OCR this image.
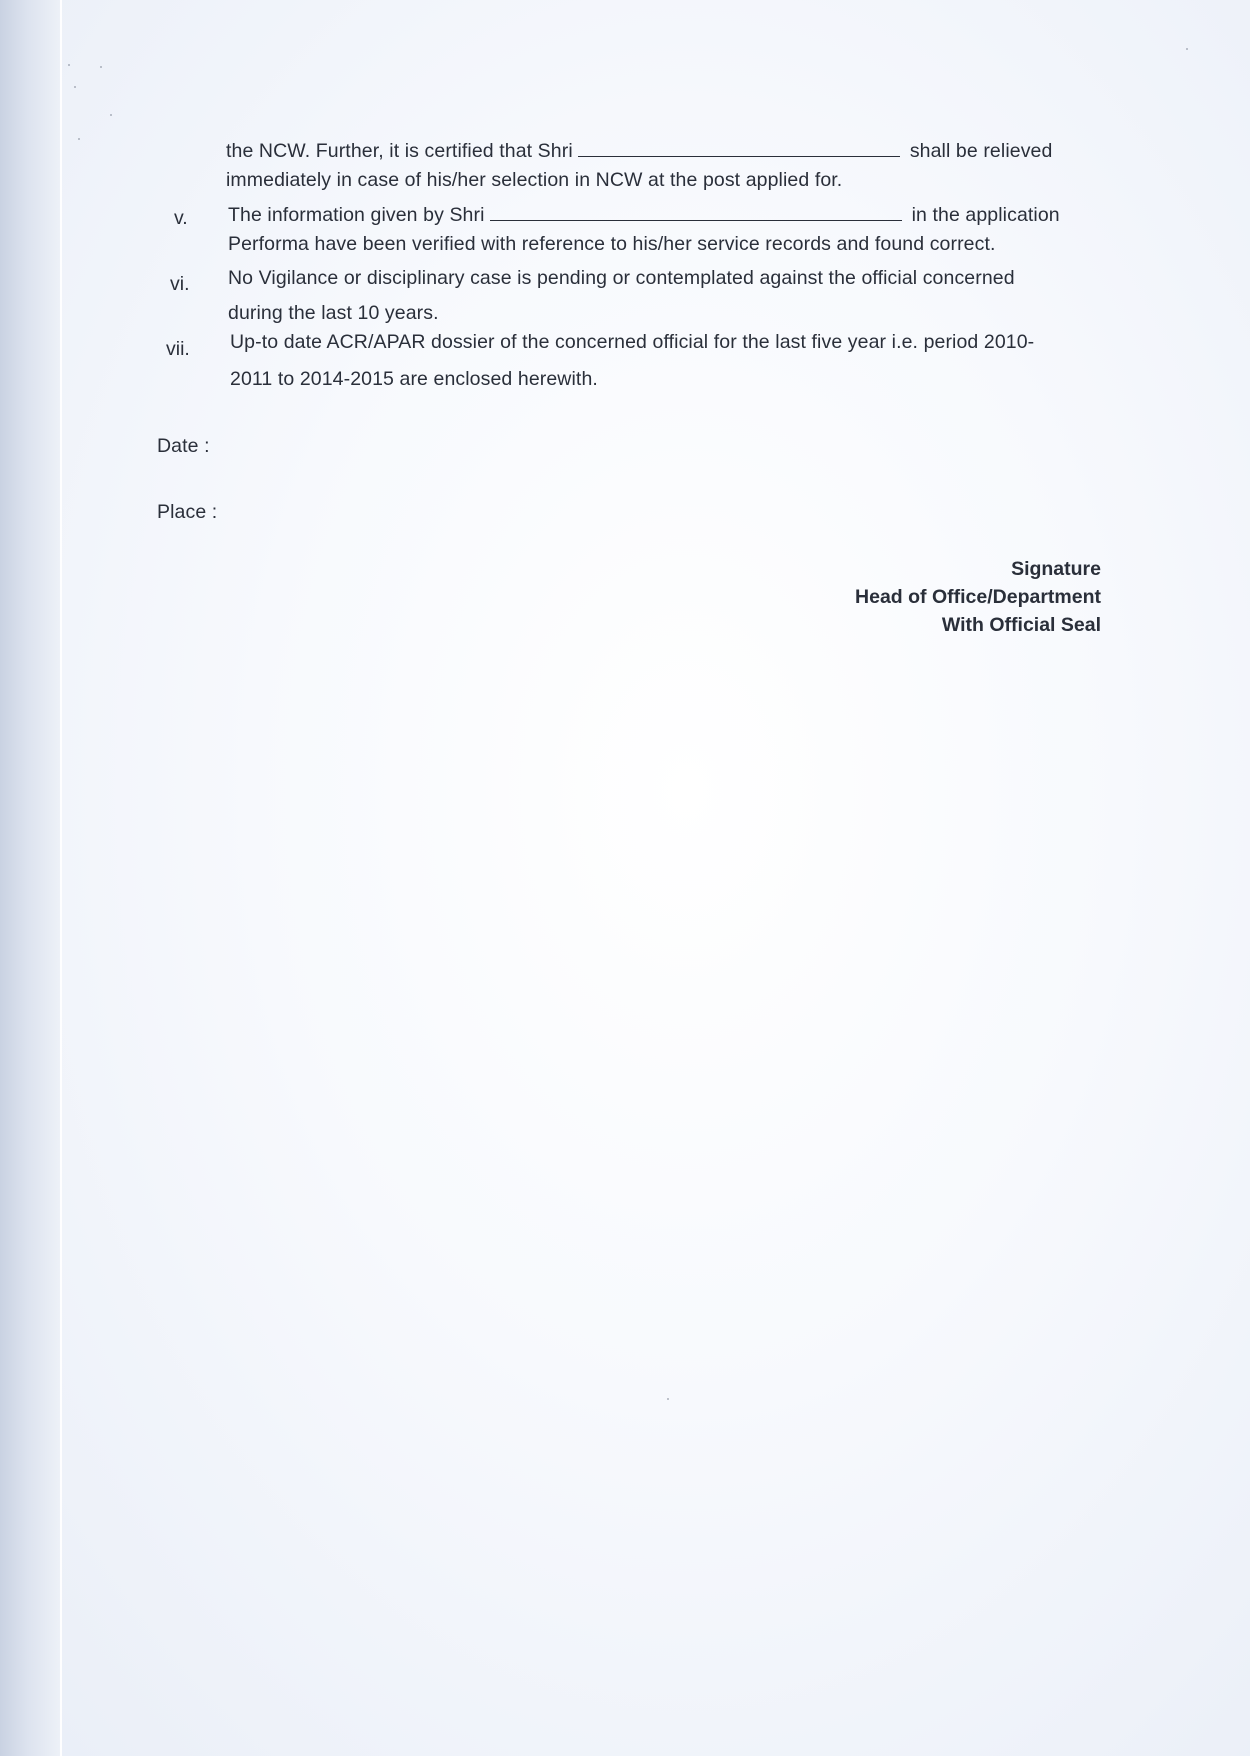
the NCW. Further, it is certified that Shri	shall be relieved
immediately in case of his/her selection in NCW at the post applied for.
v. The information given by Shri	in the application
Performa have been verified with reference to his/her service records and found correct.
vi. No Vigilance or disciplinary case is pending or contemplated against the official concerned
during the last 10 years.
vii. Up-to date ACR/APAR dossier of the concerned official for the last five year i.e. period 2010-
2011 to 2014-2015 are enclosed herewith.
Date :
Place :
Signature
Head of Office/Department
With Official Seal
